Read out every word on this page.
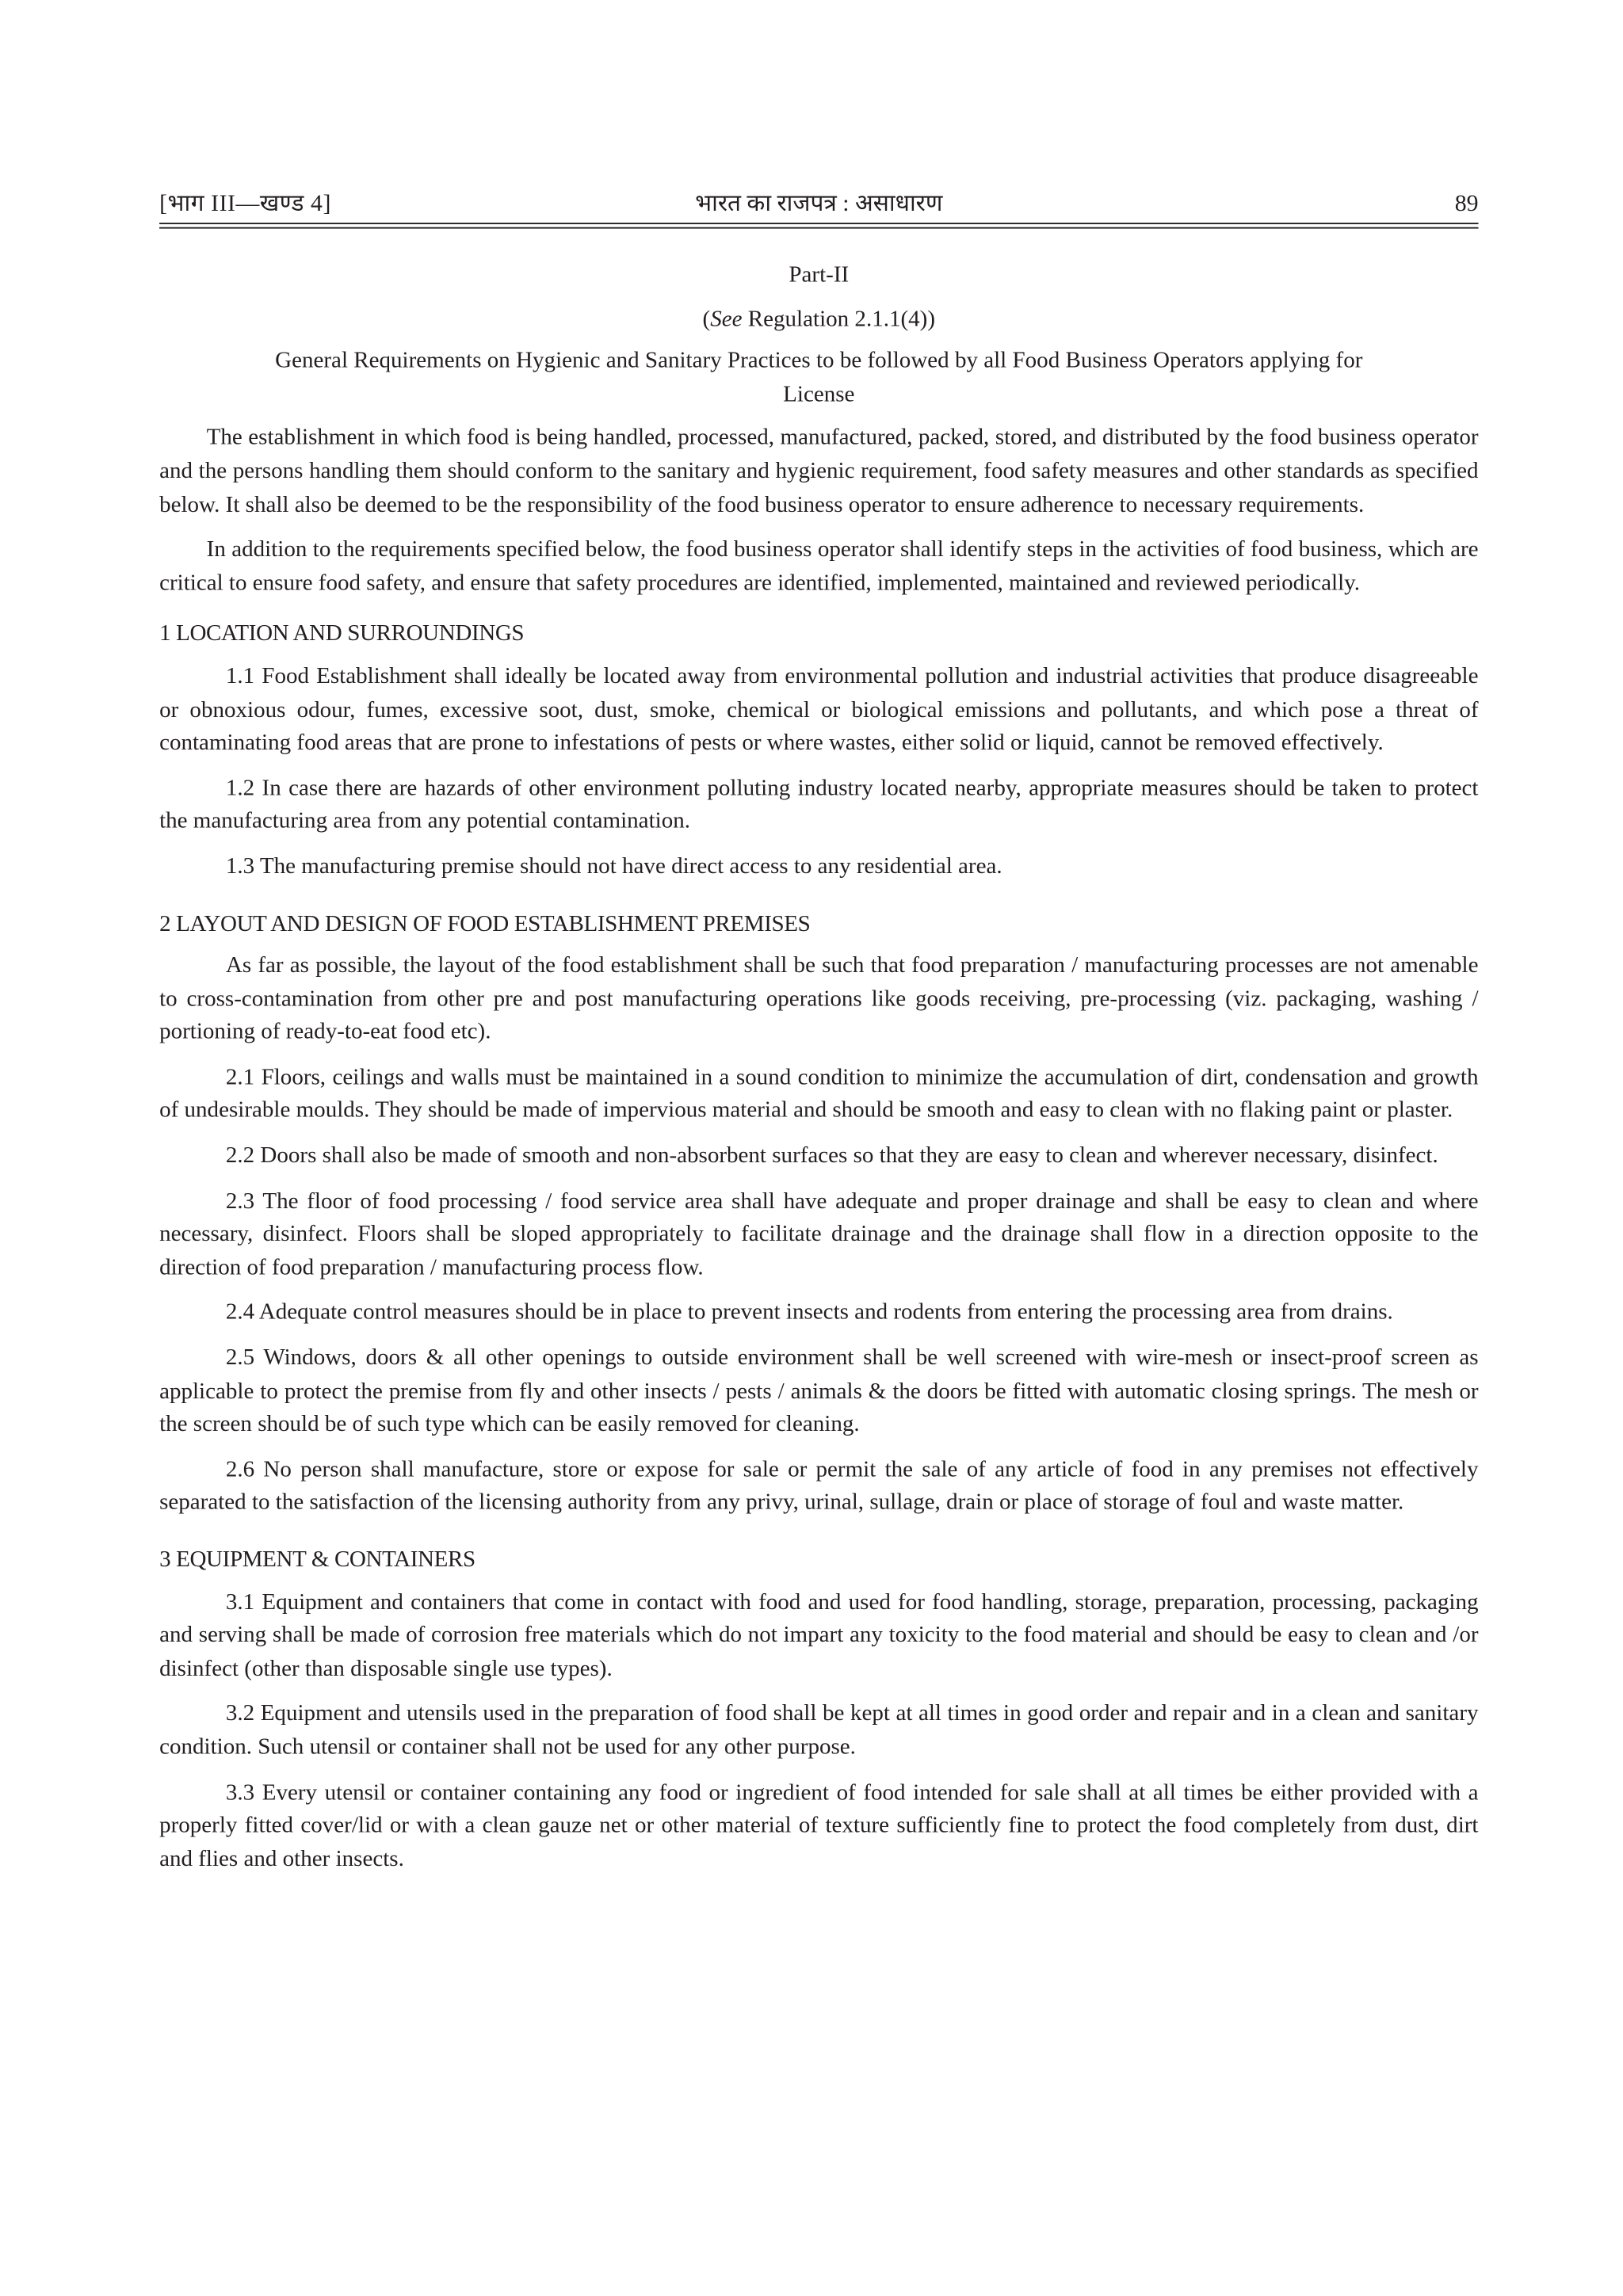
[भाग III—खण्ड 4]	भारत का राजपत्र : असाधारण	89
Part-II
(See Regulation 2.1.1(4))
General Requirements on Hygienic and Sanitary Practices to be followed by all Food Business Operators applying for
License

The establishment in which food is being handled, processed, manufactured, packed, stored, and distributed by the food business operator and the persons handling them should conform to the sanitary and hygienic requirement, food safety measures and other standards as specified below. It shall also be deemed to be the responsibility of the food business operator to ensure adherence to necessary requirements.

In addition to the requirements specified below, the food business operator shall identify steps in the activities of food business, which are critical to ensure food safety, and ensure that safety procedures are identified, implemented, maintained and reviewed periodically.

1 LOCATION AND SURROUNDINGS

1.1 Food Establishment shall ideally be located away from environmental pollution and industrial activities that produce disagreeable or obnoxious odour, fumes, excessive soot, dust, smoke, chemical or biological emissions and pollutants, and which pose a threat of contaminating food areas that are prone to infestations of pests or where wastes, either solid or liquid, cannot be removed effectively.

1.2 In case there are hazards of other environment polluting industry located nearby, appropriate measures should be taken to protect the manufacturing area from any potential contamination.

1.3 The manufacturing premise should not have direct access to any residential area.

2 LAYOUT AND DESIGN OF FOOD ESTABLISHMENT PREMISES

As far as possible, the layout of the food establishment shall be such that food preparation / manufacturing processes are not amenable to cross-contamination from other pre and post manufacturing operations like goods receiving, pre-processing (viz. packaging, washing / portioning of ready-to-eat food etc).

2.1 Floors, ceilings and walls must be maintained in a sound condition to minimize the accumulation of dirt, condensation and growth of undesirable moulds. They should be made of impervious material and should be smooth and easy to clean with no flaking paint or plaster.

2.2 Doors shall also be made of smooth and non-absorbent surfaces so that they are easy to clean and wherever necessary, disinfect.

2.3 The floor of food processing / food service area shall have adequate and proper drainage and shall be easy to clean and where necessary, disinfect. Floors shall be sloped appropriately to facilitate drainage and the drainage shall flow in a direction opposite to the direction of food preparation / manufacturing process flow.

2.4 Adequate control measures should be in place to prevent insects and rodents from entering the processing area from drains.

2.5 Windows, doors & all other openings to outside environment shall be well screened with wire-mesh or insect-proof screen as applicable to protect the premise from fly and other insects / pests / animals & the doors be fitted with automatic closing springs. The mesh or the screen should be of such type which can be easily removed for cleaning.

2.6 No person shall manufacture, store or expose for sale or permit the sale of any article of food in any premises not effectively separated to the satisfaction of the licensing authority from any privy, urinal, sullage, drain or place of storage of foul and waste matter.

3 EQUIPMENT & CONTAINERS

3.1 Equipment and containers that come in contact with food and used for food handling, storage, preparation, processing, packaging and serving shall be made of corrosion free materials which do not impart any toxicity to the food material and should be easy to clean and /or disinfect (other than disposable single use types).

3.2 Equipment and utensils used in the preparation of food shall be kept at all times in good order and repair and in a clean and sanitary condition. Such utensil or container shall not be used for any other purpose.

3.3 Every utensil or container containing any food or ingredient of food intended for sale shall at all times be either provided with a properly fitted cover/lid or with a clean gauze net or other material of texture sufficiently fine to protect the food completely from dust, dirt and flies and other insects.
